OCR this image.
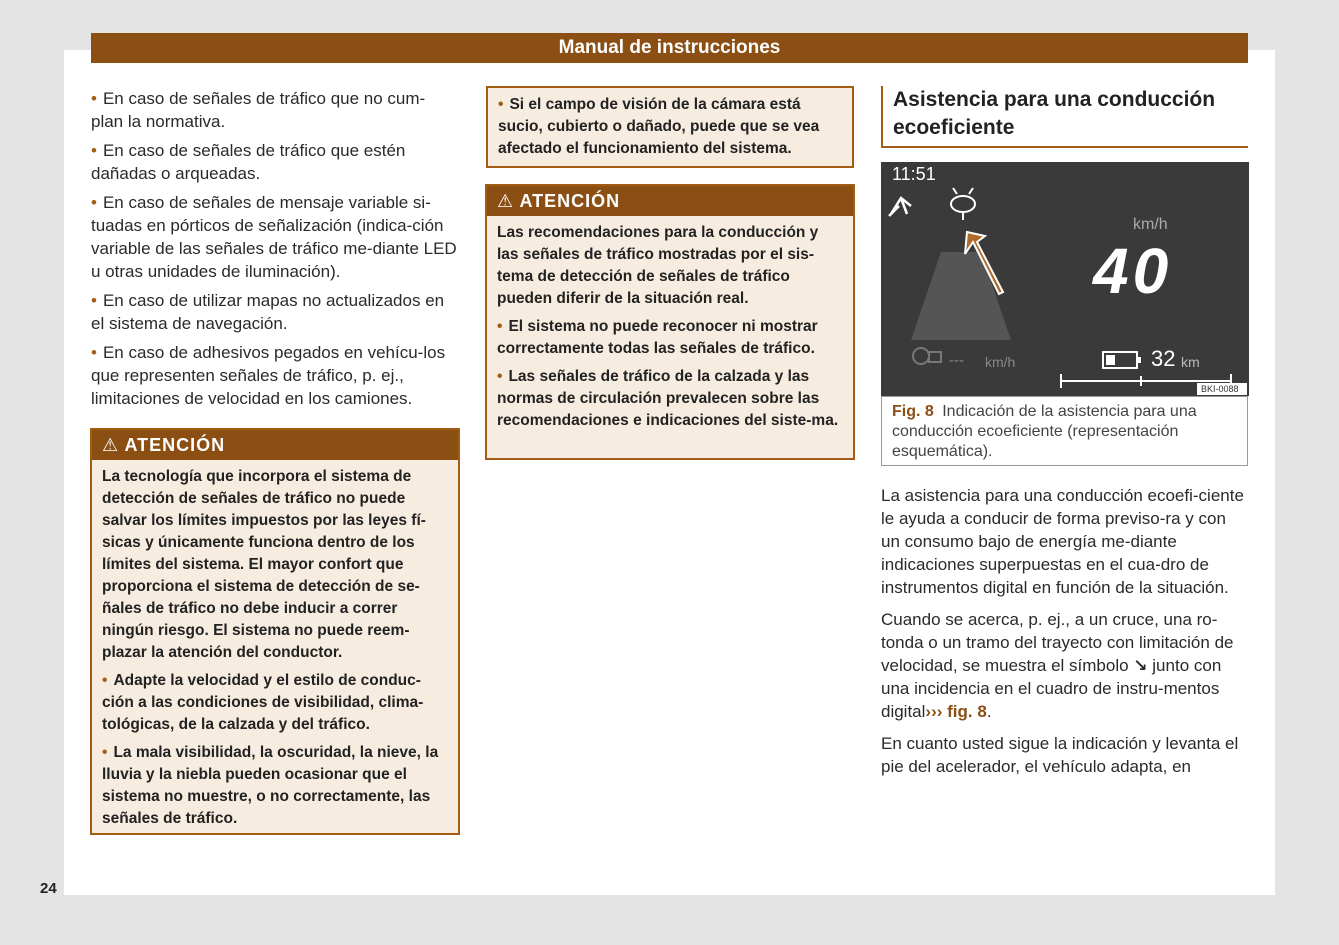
Manual de instrucciones

• En caso de señales de tráfico que no cum-plan la normativa.

• En caso de señales de tráfico que estén dañadas o arqueadas.

• En caso de señales de mensaje variable si-tuadas en pórticos de señalización (indica-ción variable de las señales de tráfico me-diante LED u otras unidades de iluminación).

• En caso de utilizar mapas no actualizados en el sistema de navegación.

• En caso de adhesivos pegados en vehícu-los que representen señales de tráfico, p. ej., limitaciones de velocidad en los camiones.

⚠ ATENCIÓN

La tecnología que incorpora el sistema de detección de señales de tráfico no puede salvar los límites impuestos por las leyes fí-sicas y únicamente funciona dentro de los límites del sistema. El mayor confort que proporciona el sistema de detección de se-ñales de tráfico no debe inducir a correr ningún riesgo. El sistema no puede reem-plazar la atención del conductor.

• Adapte la velocidad y el estilo de conduc-ción a las condiciones de visibilidad, clima-tológicas, de la calzada y del tráfico.

• La mala visibilidad, la oscuridad, la nieve, la lluvia y la niebla pueden ocasionar que el sistema no muestre, o no correctamente, las señales de tráfico.

• Si el campo de visión de la cámara está sucio, cubierto o dañado, puede que se vea afectado el funcionamiento del sistema.
⚠ ATENCIÓN

Las recomendaciones para la conducción y las señales de tráfico mostradas por el sis-tema de detección de señales de tráfico pueden diferir de la situación real.

• El sistema no puede reconocer ni mostrar correctamente todas las señales de tráfico.

• Las señales de tráfico de la calzada y las normas de circulación prevalecen sobre las recomendaciones e indicaciones del siste-ma.

Asistencia para una conducción ecoeficiente
11:51
km/h
40
--- km/h	32 km
BKI-0088
Fig. 8 Indicación de la asistencia para una conducción ecoeficiente (representación esquemática).

La asistencia para una conducción ecoefi-ciente le ayuda a conducir de forma previso-ra y con un consumo bajo de energía me-diante indicaciones superpuestas en el cua-dro de instrumentos digital en función de la situación.

Cuando se acerca, p. ej., a un cruce, una ro-tonda o un tramo del trayecto con limitación de velocidad, se muestra el símbolo ↘ junto con una incidencia en el cuadro de instru-mentos digital››› fig. 8.

En cuanto usted sigue la indicación y levanta el pie del acelerador, el vehículo adapta, en

24
